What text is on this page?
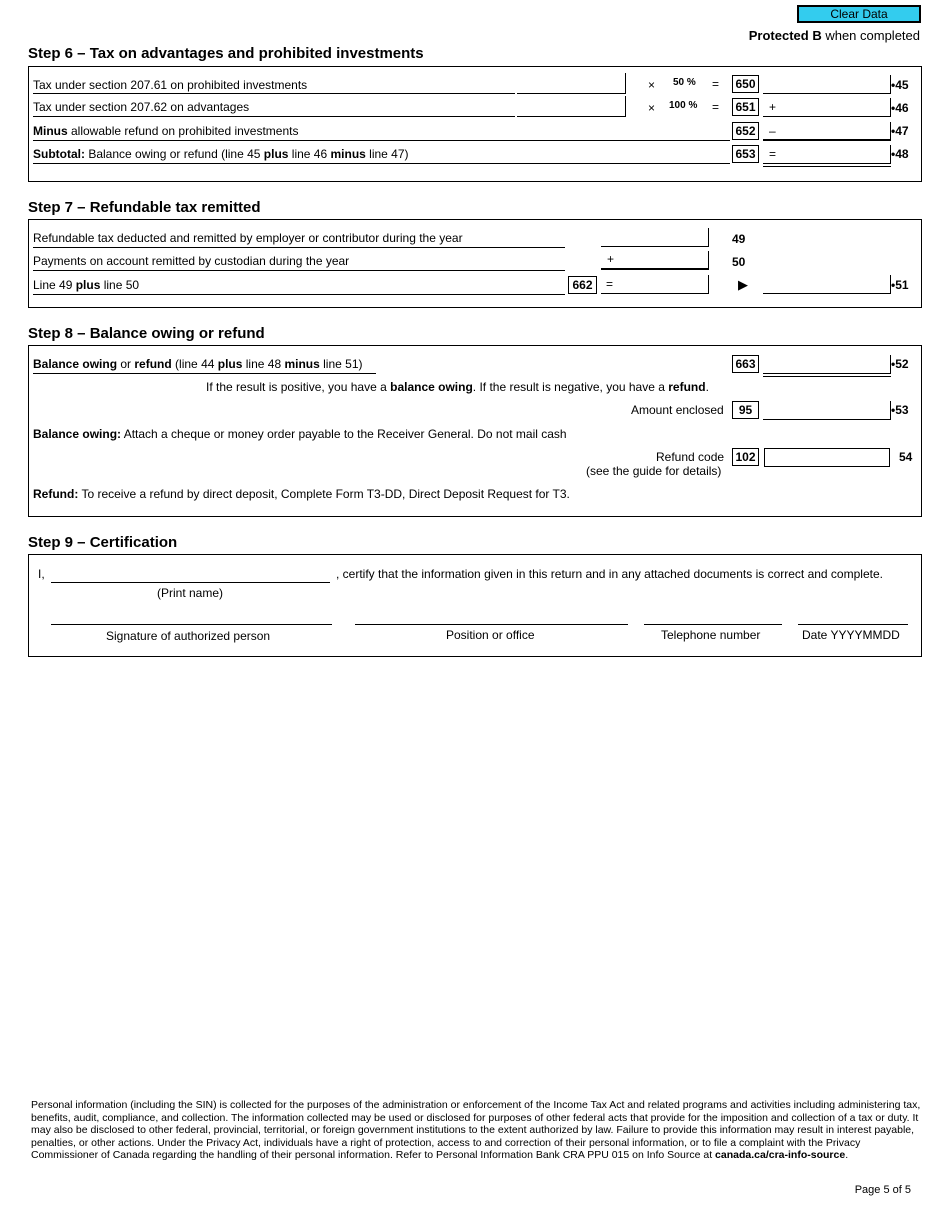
Clear Data
Protected B when completed
Step 6 – Tax on advantages and prohibited investments
Tax under section 207.61 on prohibited investments	× 50 % = 650	•45
Tax under section 207.62 on advantages	× 100 % = 651 +	•46
Minus allowable refund on prohibited investments	652 –	•47
Subtotal: Balance owing or refund (line 45 plus line 46 minus line 47)	653 =	•48
Step 7 – Refundable tax remitted
Refundable tax deducted and remitted by employer or contributor during the year	49
Payments on account remitted by custodian during the year	+	50
Line 49 plus line 50	662	=	▶	•51
Step 8 – Balance owing or refund
Balance owing or refund (line 44 plus line 48 minus line 51)	663	•52
If the result is positive, you have a balance owing. If the result is negative, you have a refund.
Amount enclosed	95	•53
Balance owing: Attach a cheque or money order payable to the Receiver General. Do not mail cash
Refund code 102	54
(see the guide for details)
Refund: To receive a refund by direct deposit, Complete Form T3-DD, Direct Deposit Request for T3.
Step 9 – Certification
I,	, certify that the information given in this return and in any attached documents is correct and complete.
(Print name)
Signature of authorized person	Position or office	Telephone number	Date YYYYMMDD
Personal information (including the SIN) is collected for the purposes of the administration or enforcement of the Income Tax Act and related programs and activities including administering tax, benefits, audit, compliance, and collection. The information collected may be used or disclosed for purposes of other federal acts that provide for the imposition and collection of a tax or duty. It may also be disclosed to other federal, provincial, territorial, or foreign government institutions to the extent authorized by law. Failure to provide this information may result in interest payable, penalties, or other actions. Under the Privacy Act, individuals have a right of protection, access to and correction of their personal information, or to file a complaint with the Privacy Commissioner of Canada regarding the handling of their personal information. Refer to Personal Information Bank CRA PPU 015 on Info Source at canada.ca/cra-info-source.
Page 5 of 5
